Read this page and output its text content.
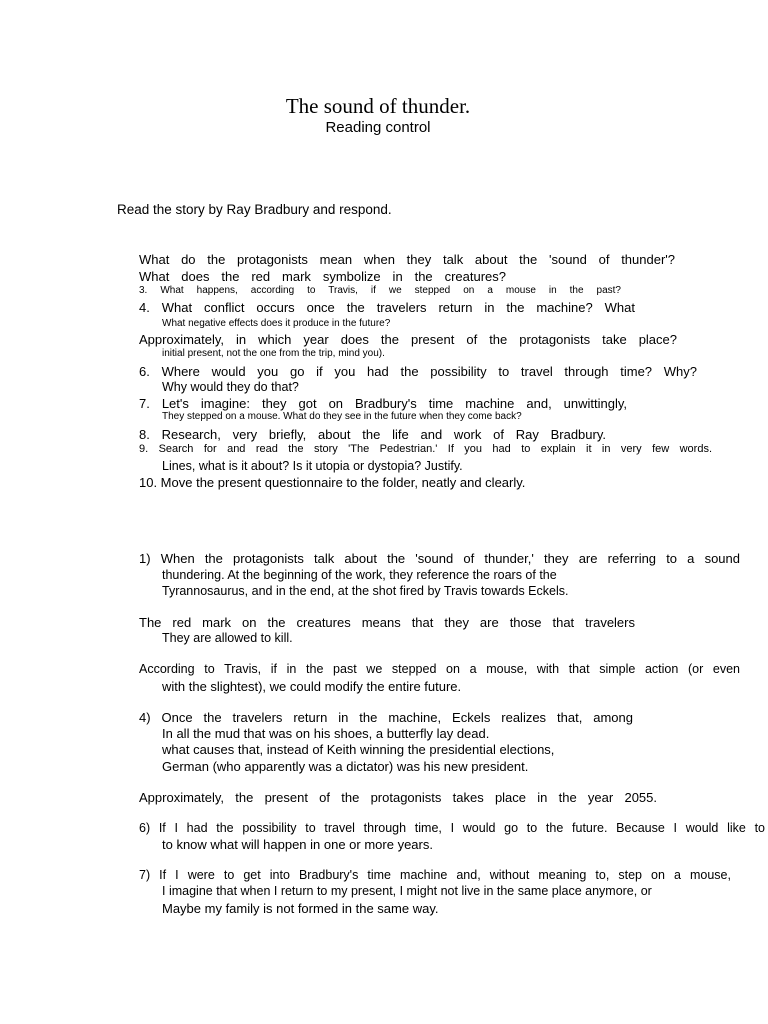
The sound of thunder.
Reading control
Read the story by Ray Bradbury and respond.
What do the protagonists mean when they talk about the 'sound of thunder'?
What does the red mark symbolize in the creatures?
3. What happens, according to Travis, if we stepped on a mouse in the past?
4. What conflict occurs once the travelers return in the machine? What
What negative effects does it produce in the future?
Approximately, in which year does the present of the protagonists take place?
initial present, not the one from the trip, mind you).
6. Where would you go if you had the possibility to travel through time? Why?
Why would they do that?
7. Let's imagine: they got on Bradbury's time machine and, unwittingly,
They stepped on a mouse. What do they see in the future when they come back?
8. Research, very briefly, about the life and work of Ray Bradbury.
9. Search for and read the story 'The Pedestrian.' If you had to explain it in very few words.
Lines, what is it about? Is it utopia or dystopia? Justify.
10. Move the present questionnaire to the folder, neatly and clearly.
1) When the protagonists talk about the 'sound of thunder,' they are referring to a sound
thundering. At the beginning of the work, they reference the roars of the
Tyrannosaurus, and in the end, at the shot fired by Travis towards Eckels.
The red mark on the creatures means that they are those that travelers
They are allowed to kill.
According to Travis, if in the past we stepped on a mouse, with that simple action (or even
with the slightest), we could modify the entire future.
4) Once the travelers return in the machine, Eckels realizes that, among
In all the mud that was on his shoes, a butterfly lay dead.
what causes that, instead of Keith winning the presidential elections,
German (who apparently was a dictator) was his new president.
Approximately, the present of the protagonists takes place in the year 2055.
6) If I had the possibility to travel through time, I would go to the future. Because I would like to
to know what will happen in one or more years.
7) If I were to get into Bradbury's time machine and, without meaning to, step on a mouse,
I imagine that when I return to my present, I might not live in the same place anymore, or
Maybe my family is not formed in the same way.
